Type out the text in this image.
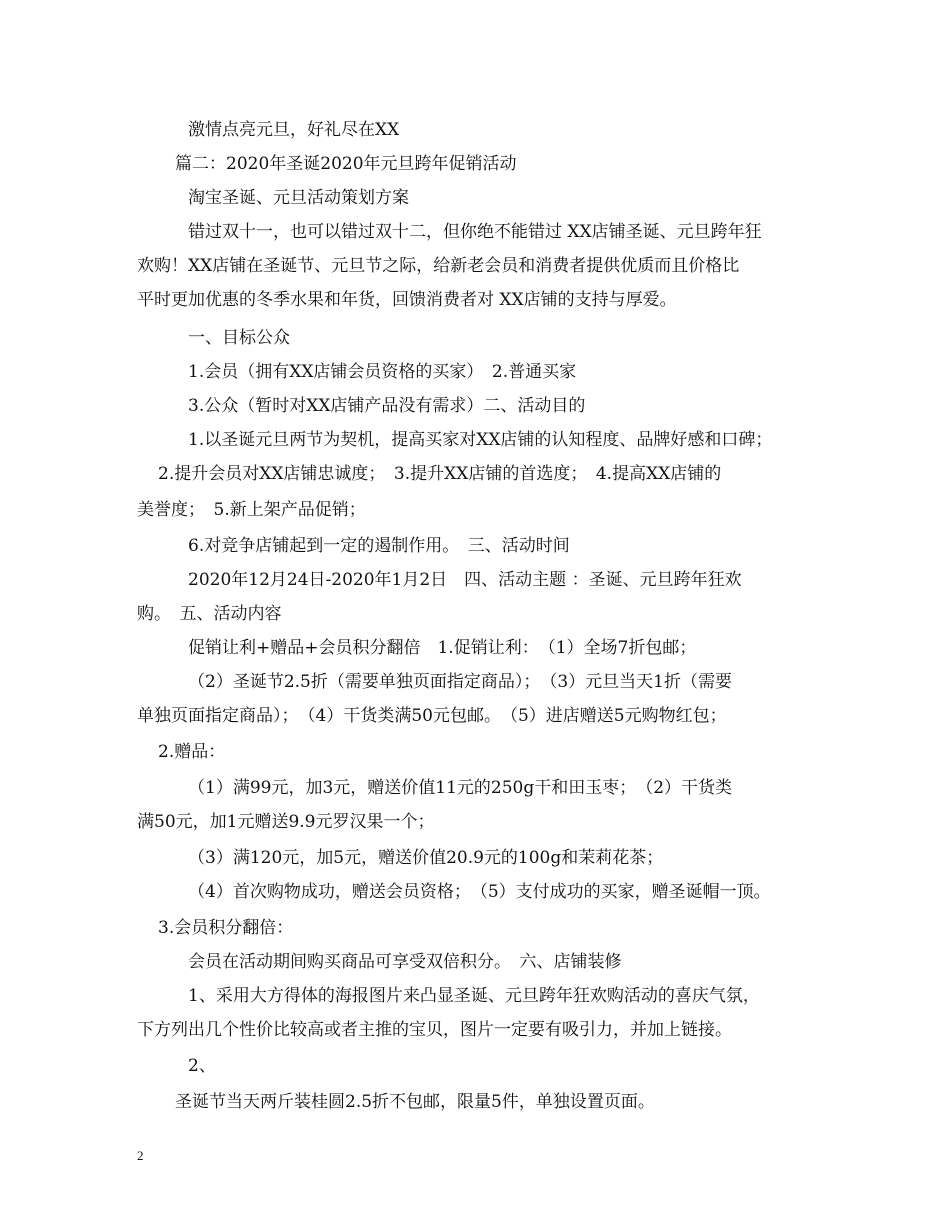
激情点亮元旦，好礼尽在XX
篇二：2020年圣诞2020年元旦跨年促销活动
淘宝圣诞、元旦活动策划方案
错过双十一，也可以错过双十二，但你绝不能错过 XX店铺圣诞、元旦跨年狂
欢购！XX店铺在圣诞节、元旦节之际，给新老会员和消费者提供优质而且价格比
平时更加优惠的冬季水果和年货，回馈消费者对 XX店铺的支持与厚爱。
一、目标公众
1.会员（拥有XX店铺会员资格的买家）　2.普通买家
3.公众（暂时对XX店铺产品没有需求）二、活动目的
1.以圣诞元旦两节为契机，提高买家对XX店铺的认知程度、品牌好感和口碑；
2.提升会员对XX店铺忠诚度；　3.提升XX店铺的首选度；　4.提高XX店铺的
美誉度；　5.新上架产品促销；
6.对竞争店铺起到一定的遏制作用。　三、活动时间
2020年12月24日-2020年1月2日　四、活动主题 ：圣诞、元旦跨年狂欢
购。　五、活动内容
促销让利+赠品+会员积分翻倍　1.促销让利：　（1）全场7折包邮；
（2）圣诞节2.5折（需要单独页面指定商品）；　（3）元旦当天1折（需要
单独页面指定商品）；　（4）干货类满50元包邮。　（5）进店赠送5元购物红包；
2.赠品：
（1）满99元，加3元，赠送价值11元的250g干和田玉枣；　（2）干货类
满50元，加1元赠送9.9元罗汉果一个；
（3）满120元，加5元，赠送价值20.9元的100g和茉莉花茶；
（4）首次购物成功，赠送会员资格；　（5）支付成功的买家，赠圣诞帽一顶。
3.会员积分翻倍：
会员在活动期间购买商品可享受双倍积分。　六、店铺装修
1、采用大方得体的海报图片来凸显圣诞、元旦跨年狂欢购活动的喜庆气氛，
下方列出几个性价比较高或者主推的宝贝，图片一定要有吸引力，并加上链接。
2、
圣诞节当天两斤装桂圆2.5折不包邮，限量5件，单独设置页面。
2
